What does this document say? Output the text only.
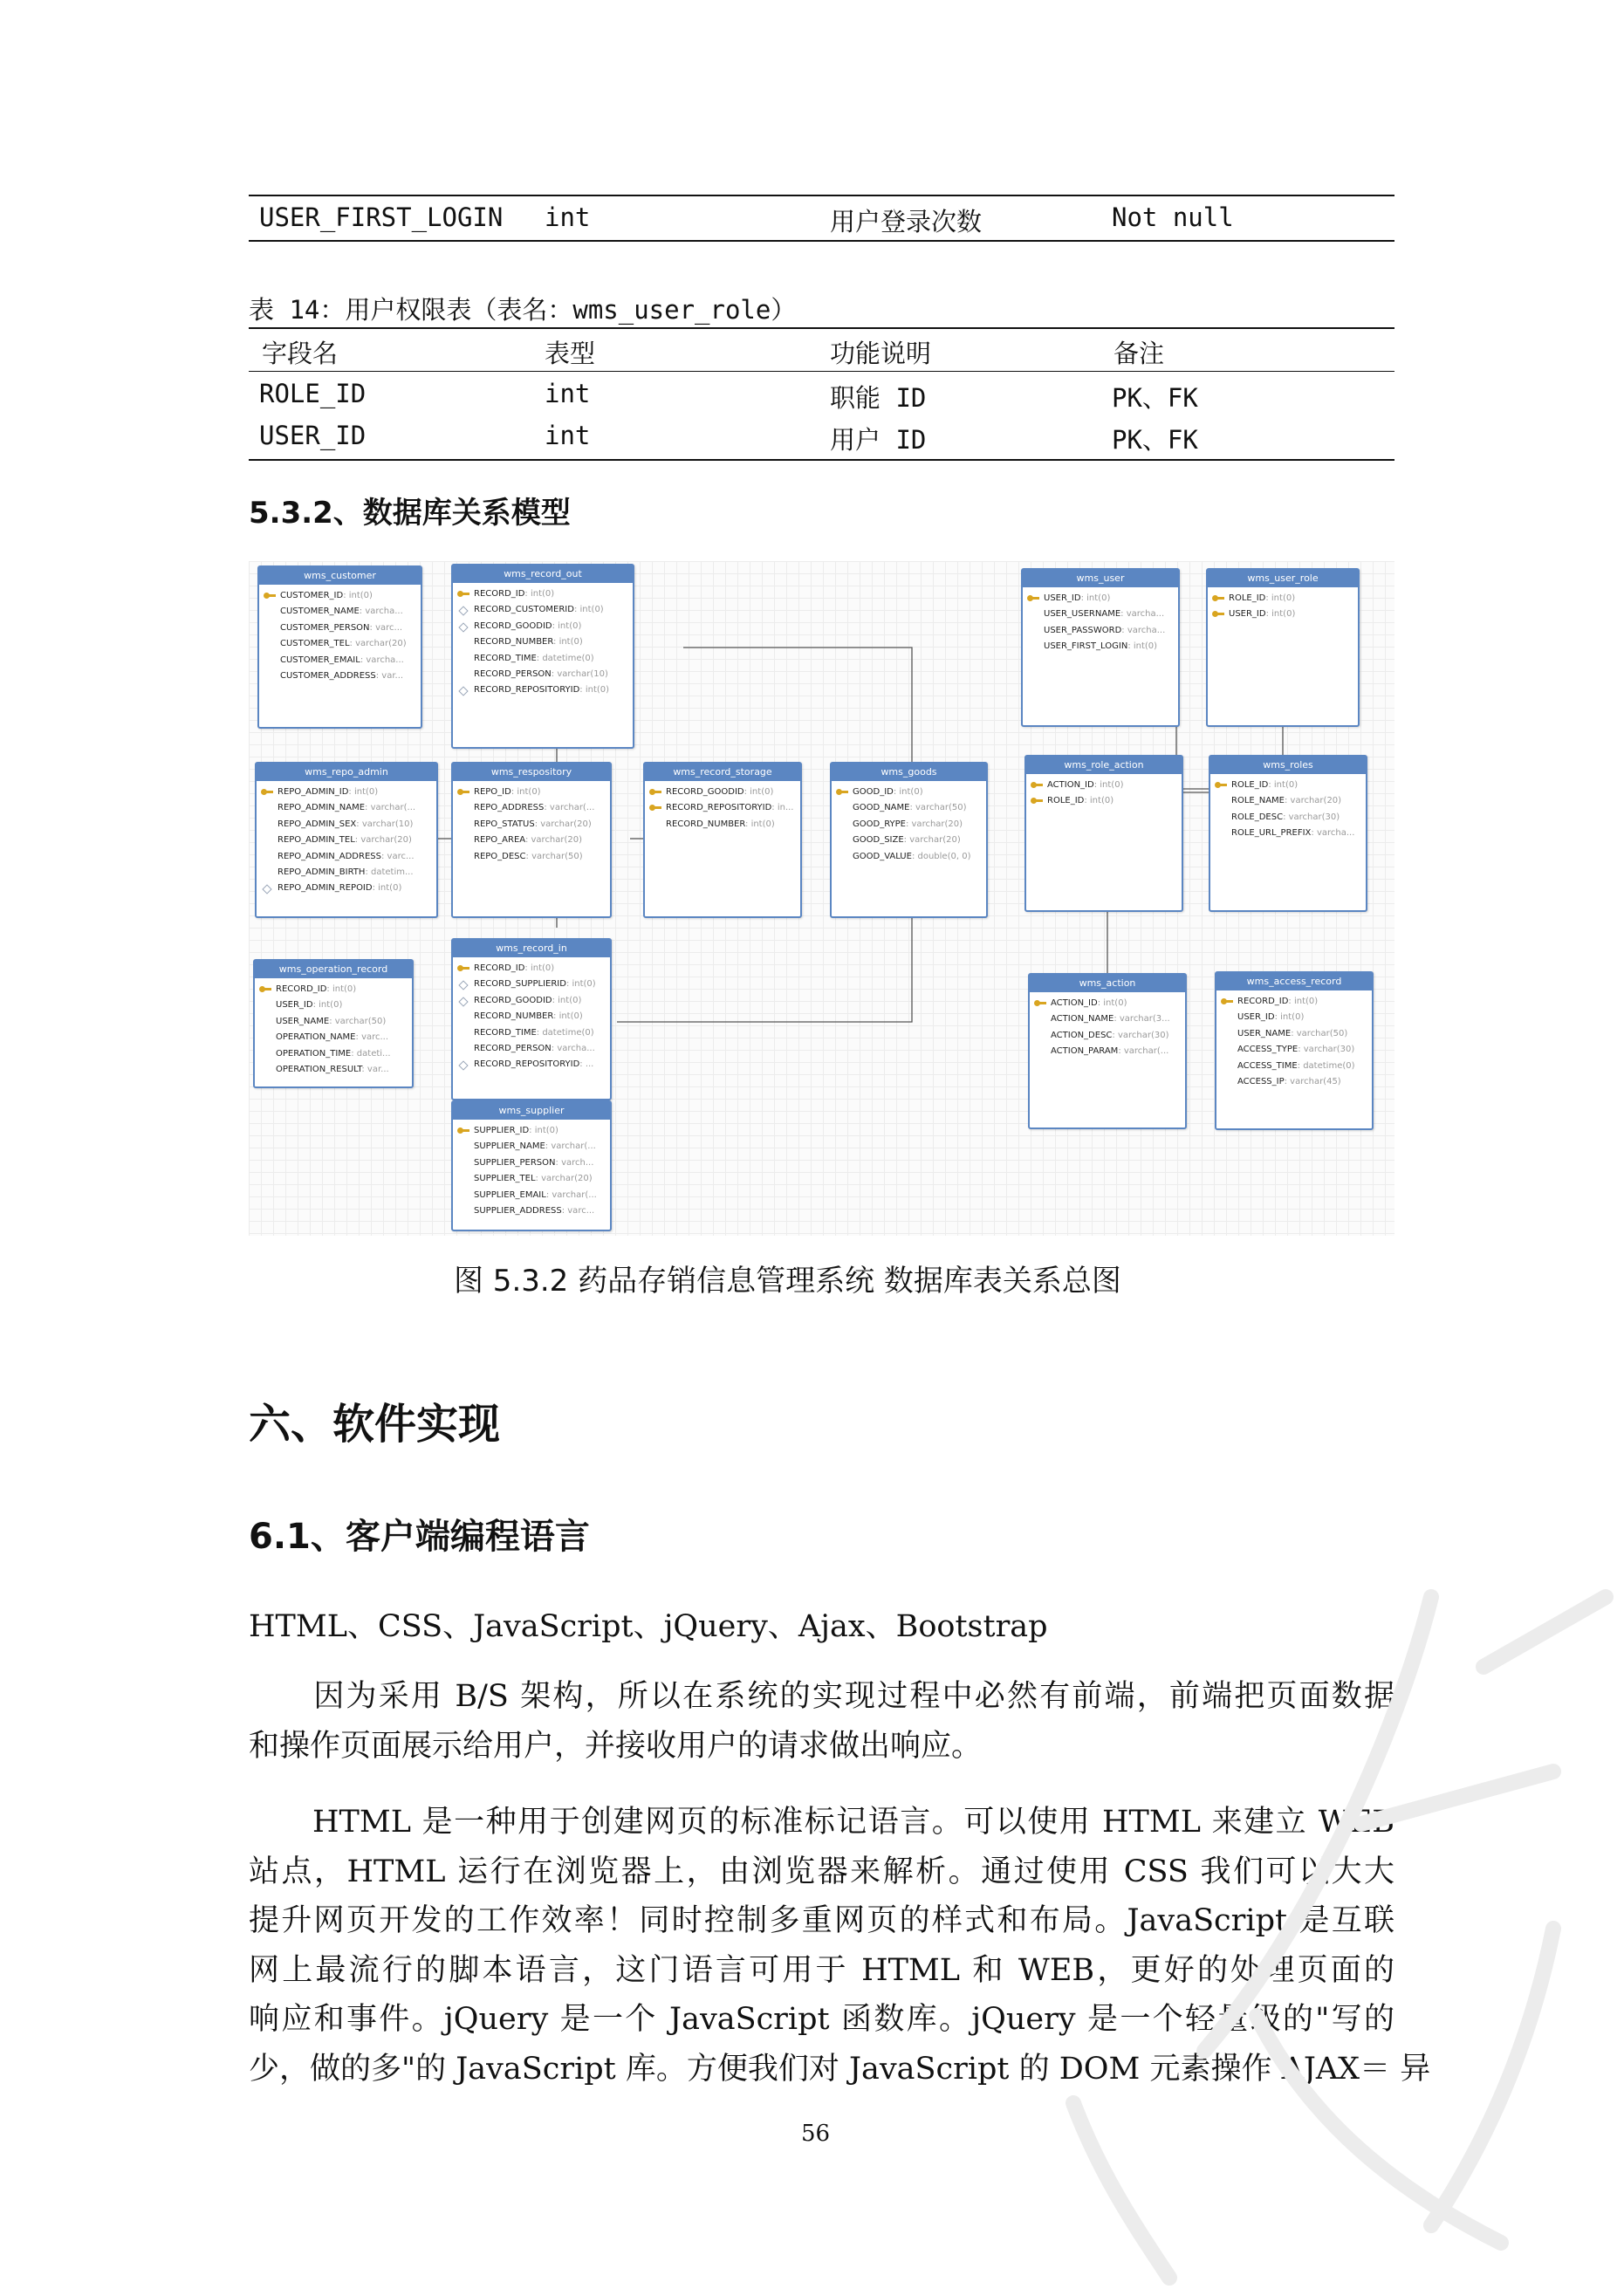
USER_FIRST_LOGIN int	用户登录次数	Not null
表 14：用户权限表（表名：wms_user_role）
字段名	表型	功能说明	备注
ROLE_ID	int	职能 ID	PK、FK
USER_ID	int	用户 ID	PK、FK
5.3.2、数据库关系模型
wms_customer
CUSTOMER_ID: int(0)
CUSTOMER_NAME: varcha...
CUSTOMER_PERSON: varc...
CUSTOMER_TEL: varchar(20)
CUSTOMER_EMAIL: varcha...
CUSTOMER_ADDRESS: var...
wms_record_out
RECORD_ID: int(0)
RECORD_CUSTOMERID: int(0)
RECORD_GOODID: int(0)
RECORD_NUMBER: int(0)
RECORD_TIME: datetime(0)
RECORD_PERSON: varchar(10)
RECORD_REPOSITORYID: int(0)
wms_user
USER_ID: int(0)
USER_USERNAME: varcha...
USER_PASSWORD: varcha...
USER_FIRST_LOGIN: int(0)
wms_user_role
ROLE_ID: int(0)
USER_ID: int(0)
wms_repo_admin
REPO_ADMIN_ID: int(0)
REPO_ADMIN_NAME: varchar(...
REPO_ADMIN_SEX: varchar(10)
REPO_ADMIN_TEL: varchar(20)
REPO_ADMIN_ADDRESS: varc...
REPO_ADMIN_BIRTH: datetim...
REPO_ADMIN_REPOID: int(0)
wms_respository
REPO_ID: int(0)
REPO_ADDRESS: varchar(...
REPO_STATUS: varchar(20)
REPO_AREA: varchar(20)
REPO_DESC: varchar(50)
wms_record_storage
RECORD_GOODID: int(0)
RECORD_REPOSITORYID: in...
RECORD_NUMBER: int(0)
wms_goods
GOOD_ID: int(0)
GOOD_NAME: varchar(50)
GOOD_RYPE: varchar(20)
GOOD_SIZE: varchar(20)
GOOD_VALUE: double(0, 0)
wms_role_action
ACTION_ID: int(0)
ROLE_ID: int(0)
wms_roles
ROLE_ID: int(0)
ROLE_NAME: varchar(20)
ROLE_DESC: varchar(30)
ROLE_URL_PREFIX: varcha...
wms_operation_record
RECORD_ID: int(0)
USER_ID: int(0)
USER_NAME: varchar(50)
OPERATION_NAME: varc...
OPERATION_TIME: dateti...
OPERATION_RESULT: var...
wms_record_in
RECORD_ID: int(0)
RECORD_SUPPLIERID: int(0)
RECORD_GOODID: int(0)
RECORD_NUMBER: int(0)
RECORD_TIME: datetime(0)
RECORD_PERSON: varcha...
RECORD_REPOSITORYID: ...
wms_action
ACTION_ID: int(0)
ACTION_NAME: varchar(3...
ACTION_DESC: varchar(30)
ACTION_PARAM: varchar(...
wms_access_record
RECORD_ID: int(0)
USER_ID: int(0)
USER_NAME: varchar(50)
ACCESS_TYPE: varchar(30)
ACCESS_TIME: datetime(0)
ACCESS_IP: varchar(45)
wms_supplier
SUPPLIER_ID: int(0)
SUPPLIER_NAME: varchar(...
SUPPLIER_PERSON: varch...
SUPPLIER_TEL: varchar(20)
SUPPLIER_EMAIL: varchar(...
SUPPLIER_ADDRESS: varc...
图 5.3.2 药品存销信息管理系统 数据库表关系总图
六、软件实现
6.1、客户端编程语言
HTML、CSS、JavaScript、jQuery、Ajax、Bootstrap
　　因为采用 B/S 架构，所以在系统的实现过程中必然有前端，前端把页面数据
和操作页面展示给用户，并接收用户的请求做出响应。
　　HTML 是一种用于创建网页的标准标记语言。可以使用 HTML 来建立 WEB
站点，HTML 运行在浏览器上，由浏览器来解析。通过使用 CSS 我们可以大大
提升网页开发的工作效率！同时控制多重网页的样式和布局。JavaScript 是互联
网上最流行的脚本语言，这门语言可用于 HTML 和 WEB，更好的处理页面的
响应和事件。jQuery 是一个 JavaScript 函数库。jQuery 是一个轻量级的"写的
少，做的多"的 JavaScript 库。方便我们对 JavaScript 的 DOM 元素操作 AJAX＝ 异
56
